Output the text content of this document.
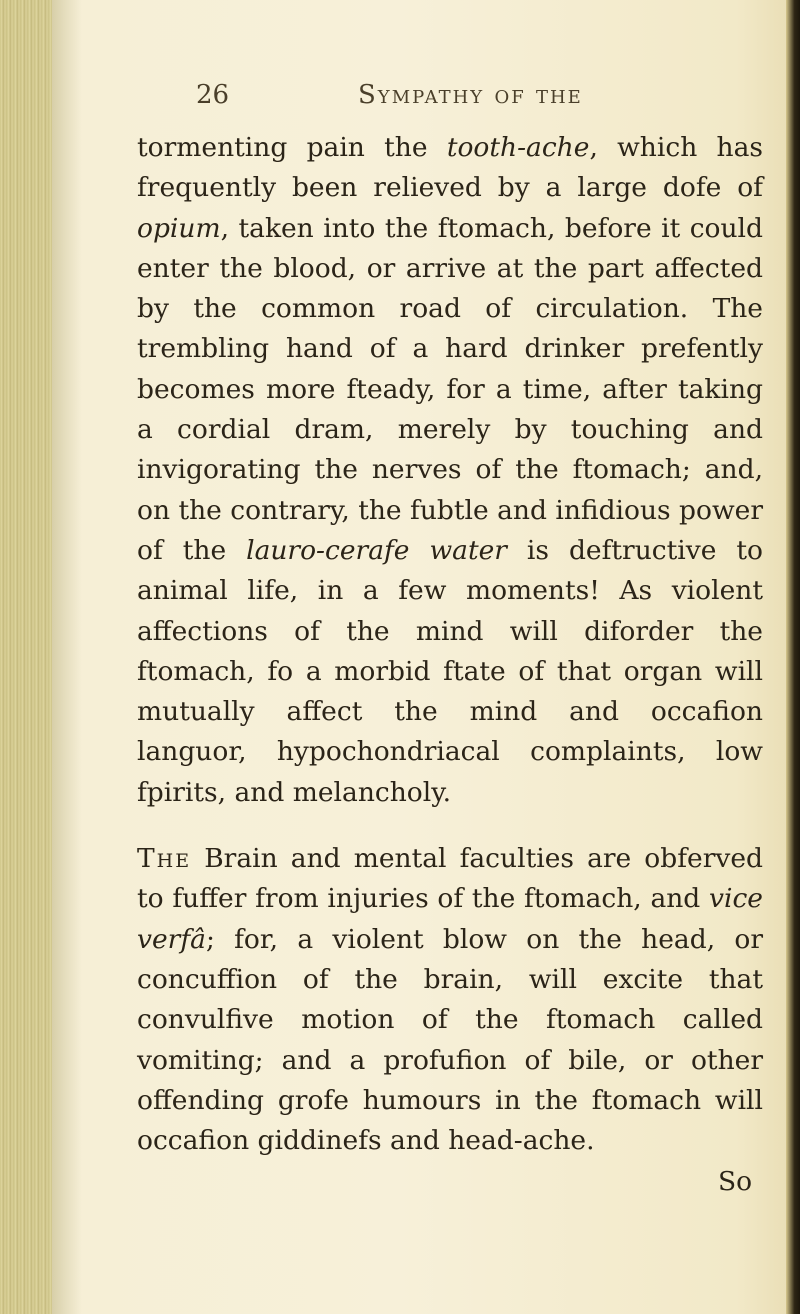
26	Sympathy of the

tormenting pain the tooth-ache, which has frequently been relieved by a large dofe of opium, taken into the ftomach, before it could enter the blood, or arrive at the part affected by the common road of circulation. The trembling hand of a hard drinker prefently becomes more fteady, for a time, after taking a cordial dram, merely by touching and invigorating the nerves of the ftomach; and, on the contrary, the fubtle and infidious power of the lauro-cerafe water is deftructive to animal life, in a few moments! As violent affections of the mind will diforder the ftomach, fo a morbid ftate of that organ will mutually affect the mind and occafion languor, hypochondriacal complaints, low fpirits, and melancholy.

The Brain and mental faculties are obferved to fuffer from injuries of the ftomach, and vice verfâ; for, a violent blow on the head, or concuffion of the brain, will excite that convulfive motion of the ftomach called vomiting; and a profufion of bile, or other offending grofe humours in the ftomach will occafion giddinefs and head-ache.

So
